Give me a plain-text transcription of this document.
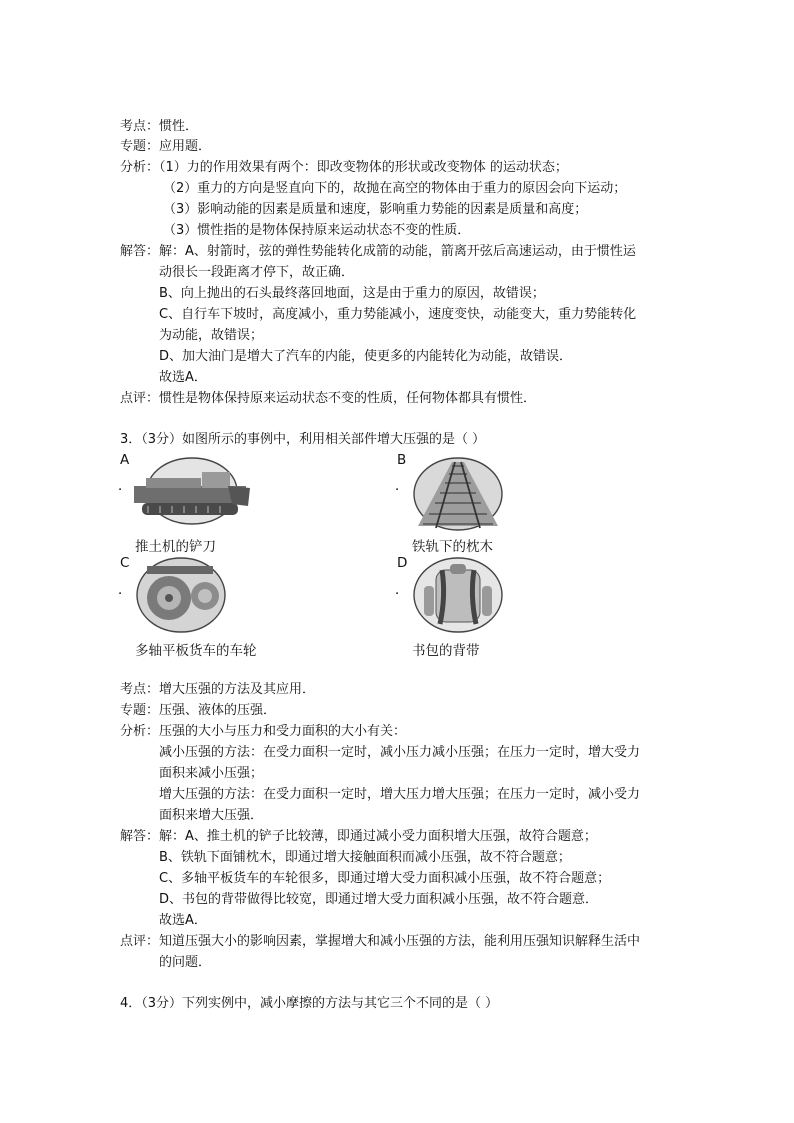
考点：惯性．
专题：应用题．
分析：（1）力的作用效果有两个：即改变物体的形状或改变物体 的运动状态；
（2）重力的方向是竖直向下的，故抛在高空的物体由于重力的原因会向下运动；
（3）影响动能的因素是质量和速度，影响重力势能的因素是质量和高度；
（3）惯性指的是物体保持原来运动状态不变的性质．
解答：解：A、射箭时，弦的弹性势能转化成箭的动能，箭离开弦后高速运动，由于惯性运
动很长一段距离才停下，故正确．
B、向上抛出的石头最终落回地面，这是由于重力的原因，故错误；
C、自行车下坡时，高度减小，重力势能减小，速度变快，动能变大，重力势能转化
为动能，故错误；
D、加大油门是增大了汽车的内能，使更多的内能转化为动能，故错误．
故选A．
点评：惯性是物体保持原来运动状态不变的性质，任何物体都具有惯性．
3．（3分）如图所示的事例中，利用相关部件增大压强的是（ ）
A
．
推土机的铲刀
B
．
铁轨下的枕木
C
．
多轴平板货车的车轮
D
．
书包的背带
考点：增大压强的方法及其应用．
专题：压强、液体的压强．
分析：压强的大小与压力和受力面积的大小有关：
减小压强的方法：在受力面积一定时，减小压力减小压强；在压力一定时，增大受力
面积来减小压强；
增大压强的方法：在受力面积一定时，增大压力增大压强；在压力一定时，减小受力
面积来增大压强．
解答：解：A、推土机的铲子比较薄，即通过减小受力面积增大压强，故符合题意；
B、铁轨下面铺枕木，即通过增大接触面积而减小压强，故不符合题意；
C、多轴平板货车的车轮很多，即通过增大受力面积减小压强，故不符合题意；
D、书包的背带做得比较宽，即通过增大受力面积减小压强，故不符合题意．
故选A．
点评：知道压强大小的影响因素，掌握增大和减小压强的方法，能利用压强知识解释生活中
的问题．
4．（3分）下列实例中，减小摩擦的方法与其它三个不同的是（ ）
